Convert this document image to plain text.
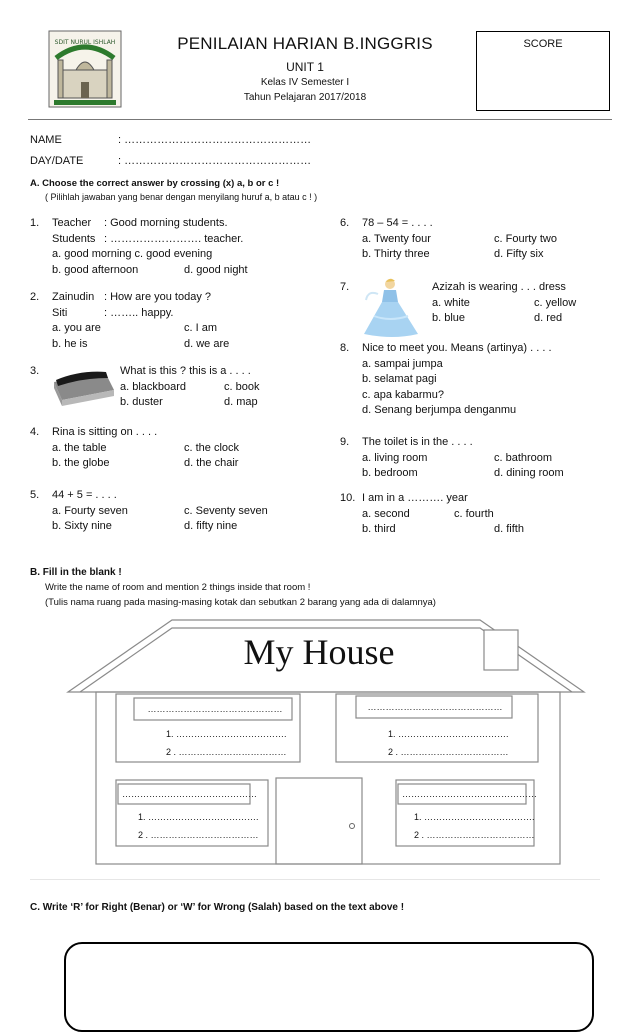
SDIT NURUL ISHLAH	PENILAIAN HARIAN B.INGGRIS
UNIT 1
Kelas IV Semester I
Tahun Pelajaran 2017/2018
SCORE
NAME	: ……………………………………………
DAY/DATE	: ……………………………………………
A. Choose the correct answer by crossing (x) a, b or c !
( Pilihlah jawaban yang benar dengan menyilang huruf a, b atau c ! )
1.	Teacher	: Good morning students.
Students : ……………………. teacher.
a. good morning c. good evening
b. good afternoon	d. good night
2.	Zainudin : How are you today ?
Siti	: …….. happy.
a. you are	c. I am
b. he is	d. we are
3.	What is this ? this is a . . . .
a. blackboard	c. book
b. duster	d. map
4.	Rina is sitting on . . . .
a. the table	c. the clock
b. the globe	d. the chair
5.	44 + 5 = . . . .
a. Fourty seven	c. Seventy seven
b. Sixty nine	d. fifty nine
6.	78 – 54 = . . . .
a. Twenty four	c. Fourty two
b. Thirty three	d. Fifty six
7.	Azizah is wearing . . . dress
a. white	c. yellow
b. blue	d. red
8.	Nice to meet you. Means (artinya) . . . .
a. sampai jumpa
b. selamat pagi
c. apa kabarmu?
d. Senang berjumpa denganmu
9.	The toilet is in the . . . .
a. living room	c. bathroom
b. bedroom	d. dining room
10. I am in a ………. year
a. second	c. fourth
b. third	d. fifth
B. Fill in the blank !
Write the name of room and mention 2 things inside that room !
(Tulis nama ruang pada masing-masing kotak dan sebutkan 2 barang yang ada di dalamnya)
My House
………………………………………
1. ……………………………….
2 . ………………………………
………………………………………
1. ……………………………….
2 . ………………………………
………………………………………
1. ……………………………….
2 . ………………………………
………………………………………
1. ……………………………….
2 . ………………………………
C. Write ‘R’ for Right (Benar) or ‘W’ for Wrong (Salah) based on the text above !
